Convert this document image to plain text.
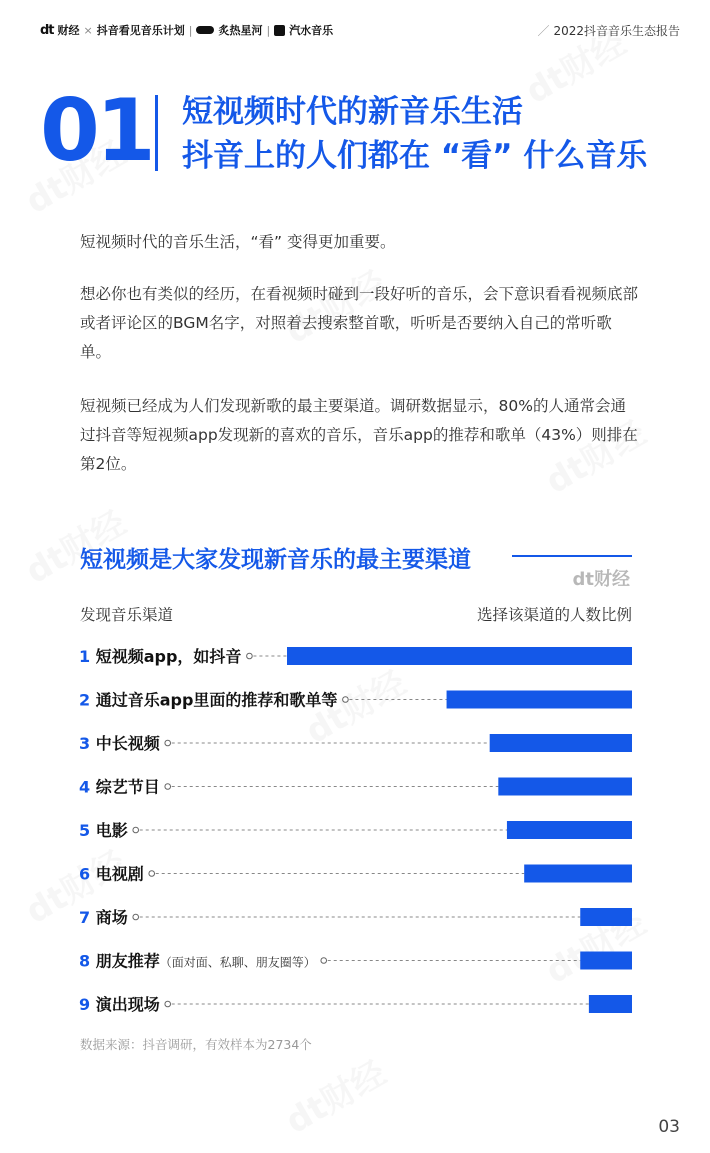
dt 财经 × 抖音看见音乐计划 | 炙热星河 | 汽水音乐	／ 2022抖音音乐生态报告
01 短视频时代的新音乐生活
抖音上的人们都在 “看” 什么音乐
短视频时代的音乐生活，“看” 变得更加重要。
想必你也有类似的经历，在看视频时碰到一段好听的音乐，会下意识看看视频底部或者评论区的BGM名字，对照着去搜索整首歌，听听是否要纳入自己的常听歌单。
短视频已经成为人们发现新歌的最主要渠道。调研数据显示，80%的人通常会通过抖音等短视频app发现新的喜欢的音乐，音乐app的推荐和歌单（43%）则排在第2位。
短视频是大家发现新音乐的最主要渠道
dt财经
发现音乐渠道	选择该渠道的人数比例
1 短视频app，如抖音
2 通过音乐app里面的推荐和歌单等
3 中长视频
4 综艺节目
5 电影
6 电视剧
7 商场
8 朋友推荐（面对面、私聊、朋友圈等）
9 演出现场
数据来源：抖音调研，有效样本为2734个
03
